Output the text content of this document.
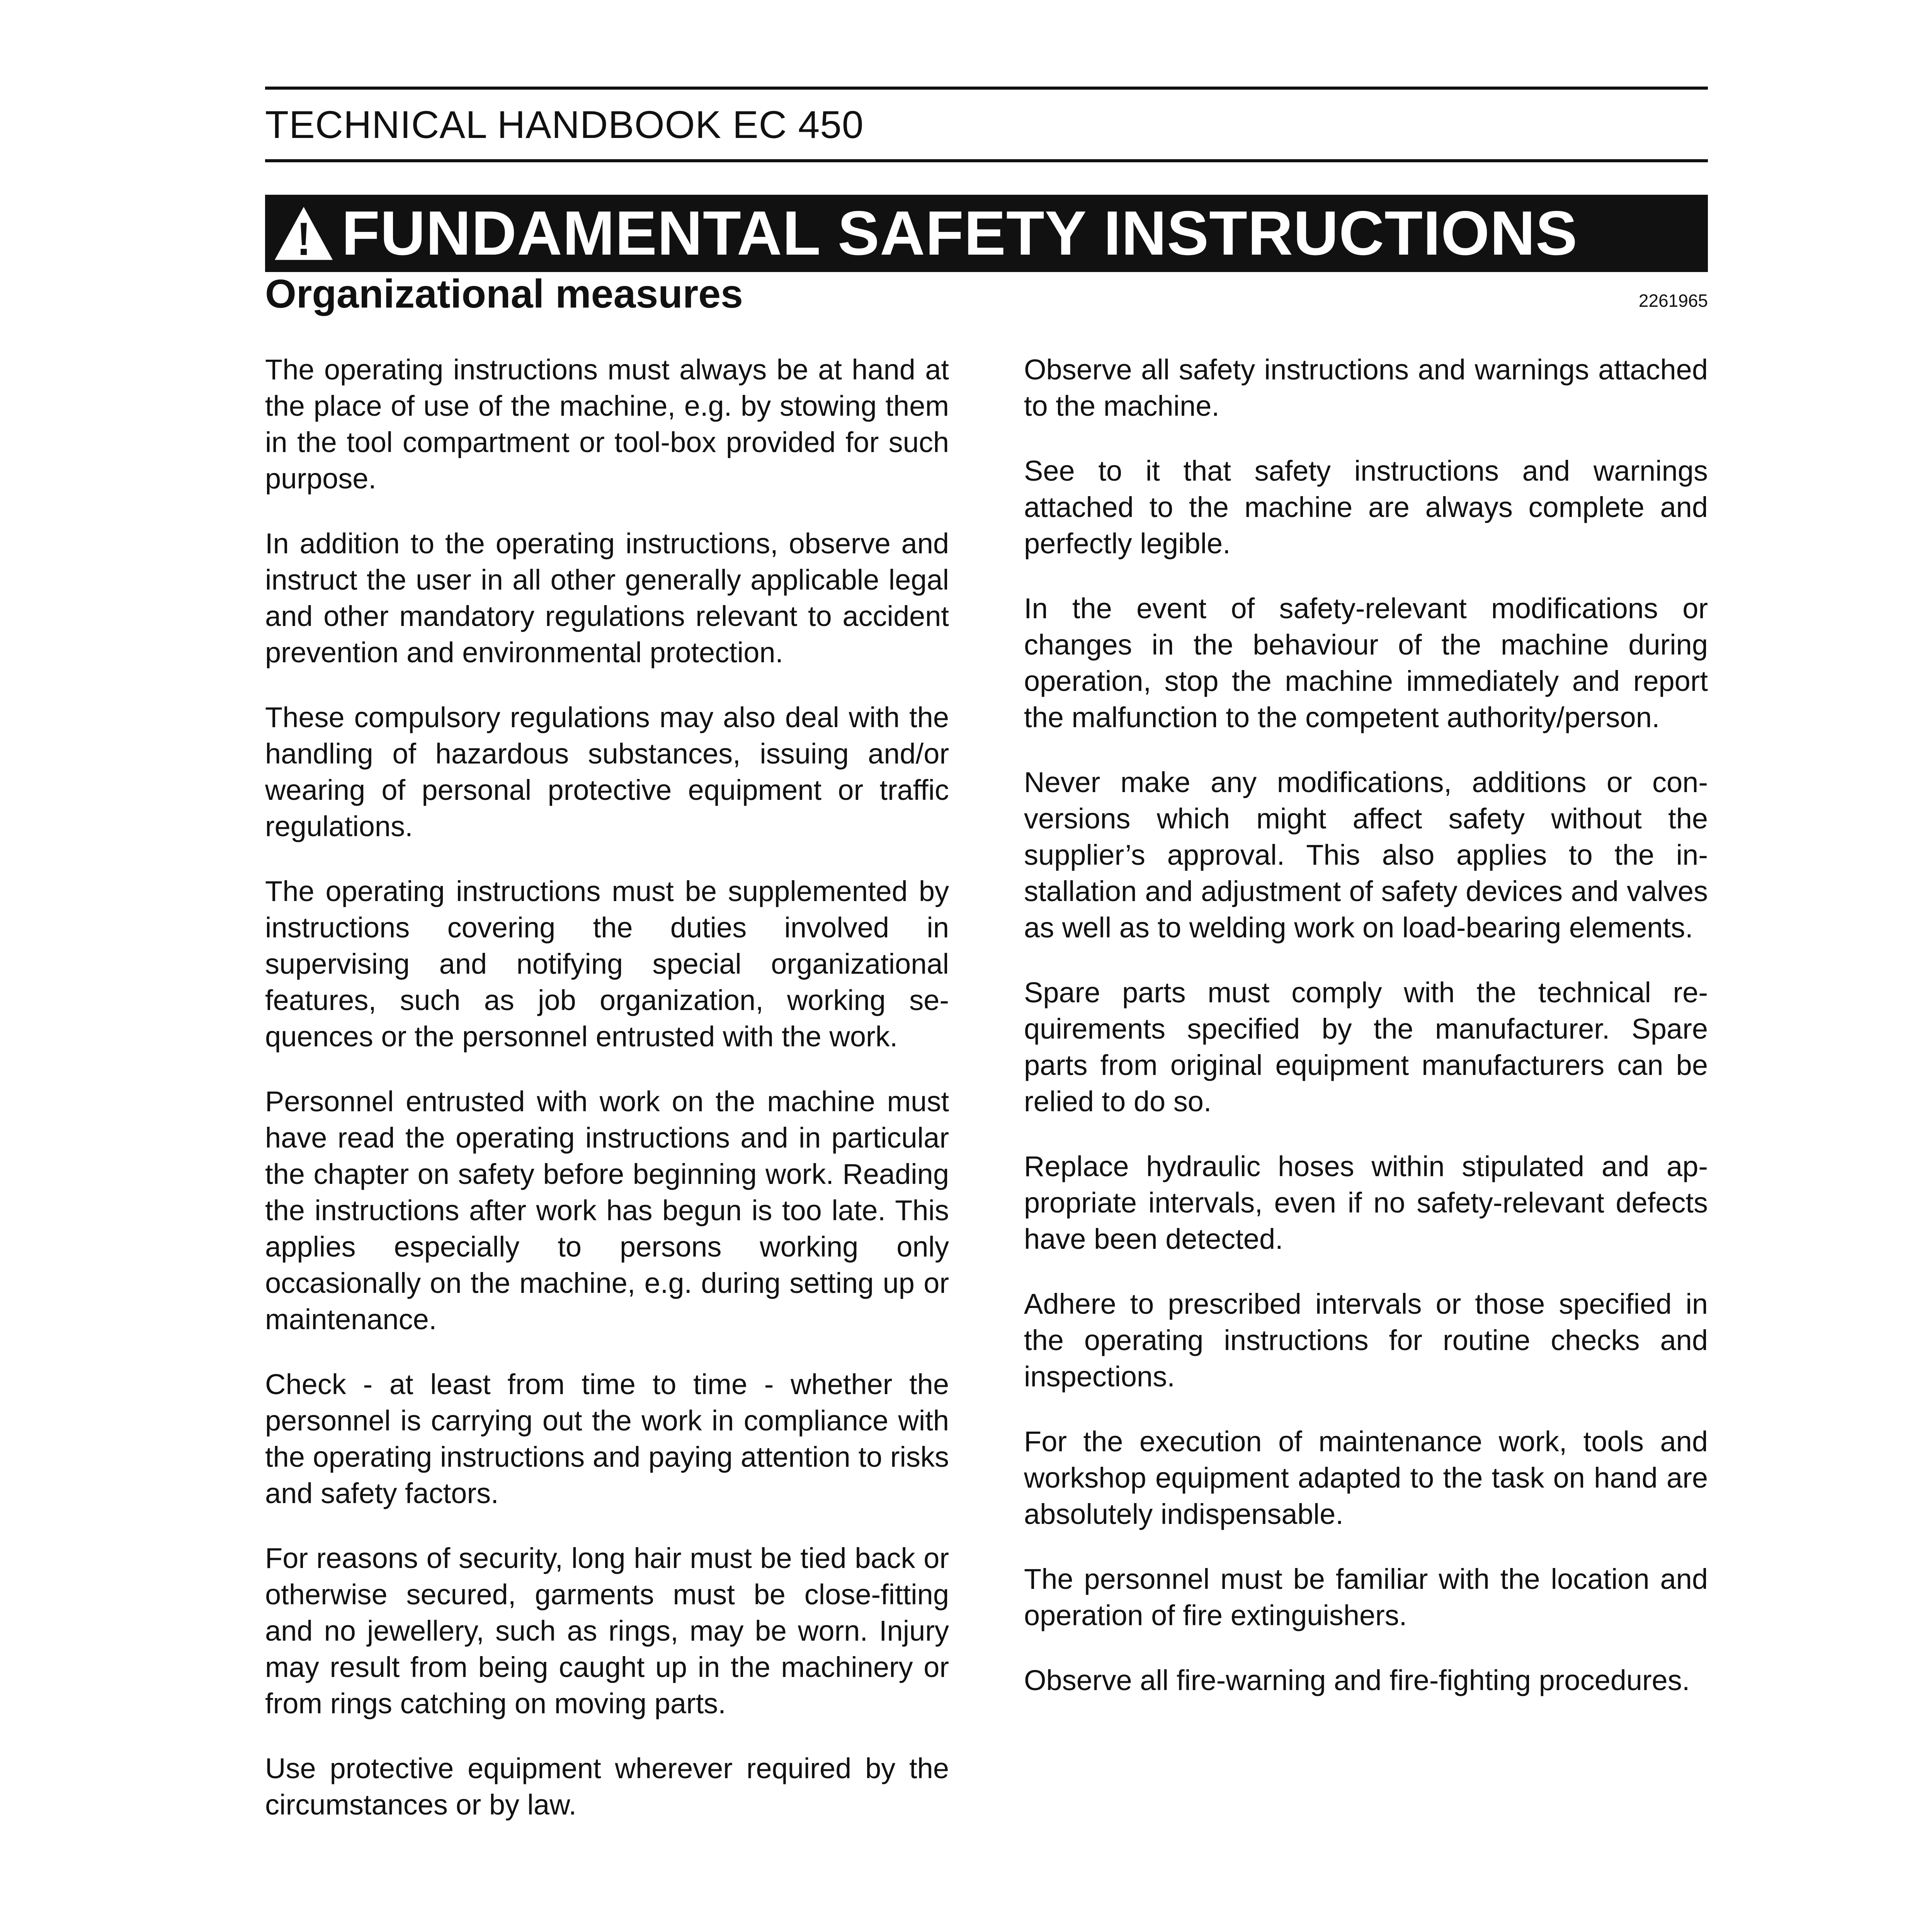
TECHNICAL HANDBOOK EC 450
FUNDAMENTAL SAFETY INSTRUCTIONS
Organizational measures	2261965

The operating instructions must always be at hand at the place of use of the machine, e.g. by stowing them in the tool compartment or tool-box provided for such purpose.

In addition to the operating instructions, observe and instruct the user in all other generally applicable legal and other mandatory regulations relevant to accident prevention and environmental protection.

These compulsory regulations may also deal with the handling of hazardous substances, issuing and/or wearing of personal protective equipment or traffic regulations.

The operating instructions must be supplemented by instructions covering the duties involved in supervising and notifying special organizational features, such as job organization, working sequences or the personnel entrusted with the work.

Personnel entrusted with work on the machine must have read the operating instructions and in particular the chapter on safety before beginning work. Reading the instructions after work has begun is too late. This applies especially to persons working only occasionally on the machine, e.g. during setting up or maintenance.

Check - at least from time to time - whether the personnel is carrying out the work in compliance with the operating instructions and paying attention to risks and safety factors.

For reasons of security, long hair must be tied back or otherwise secured, garments must be close-fitting and no jewellery, such as rings, may be worn. Injury may result from being caught up in the machinery or from rings catching on moving parts.

Use protective equipment wherever required by the circumstances or by law.

Observe all safety instructions and warnings attached to the machine.

See to it that safety instructions and warnings attached to the machine are always complete and perfectly legible.

In the event of safety-relevant modifications or changes in the behaviour of the machine during operation, stop the machine immediately and report the malfunction to the competent authority/person.

Never make any modifications, additions or conversions which might affect safety without the supplier’s approval. This also applies to the installation and adjustment of safety devices and valves as well as to welding work on load-bearing elements.

Spare parts must comply with the technical requirements specified by the manufacturer. Spare parts from original equipment manufacturers can be relied to do so.

Replace hydraulic hoses within stipulated and appropriate intervals, even if no safety-relevant defects have been detected.

Adhere to prescribed intervals or those specified in the operating instructions for routine checks and inspections.

For the execution of maintenance work, tools and workshop equipment adapted to the task on hand are absolutely indispensable.

The personnel must be familiar with the location and operation of fire extinguishers.

Observe all fire-warning and fire-fighting procedures.
